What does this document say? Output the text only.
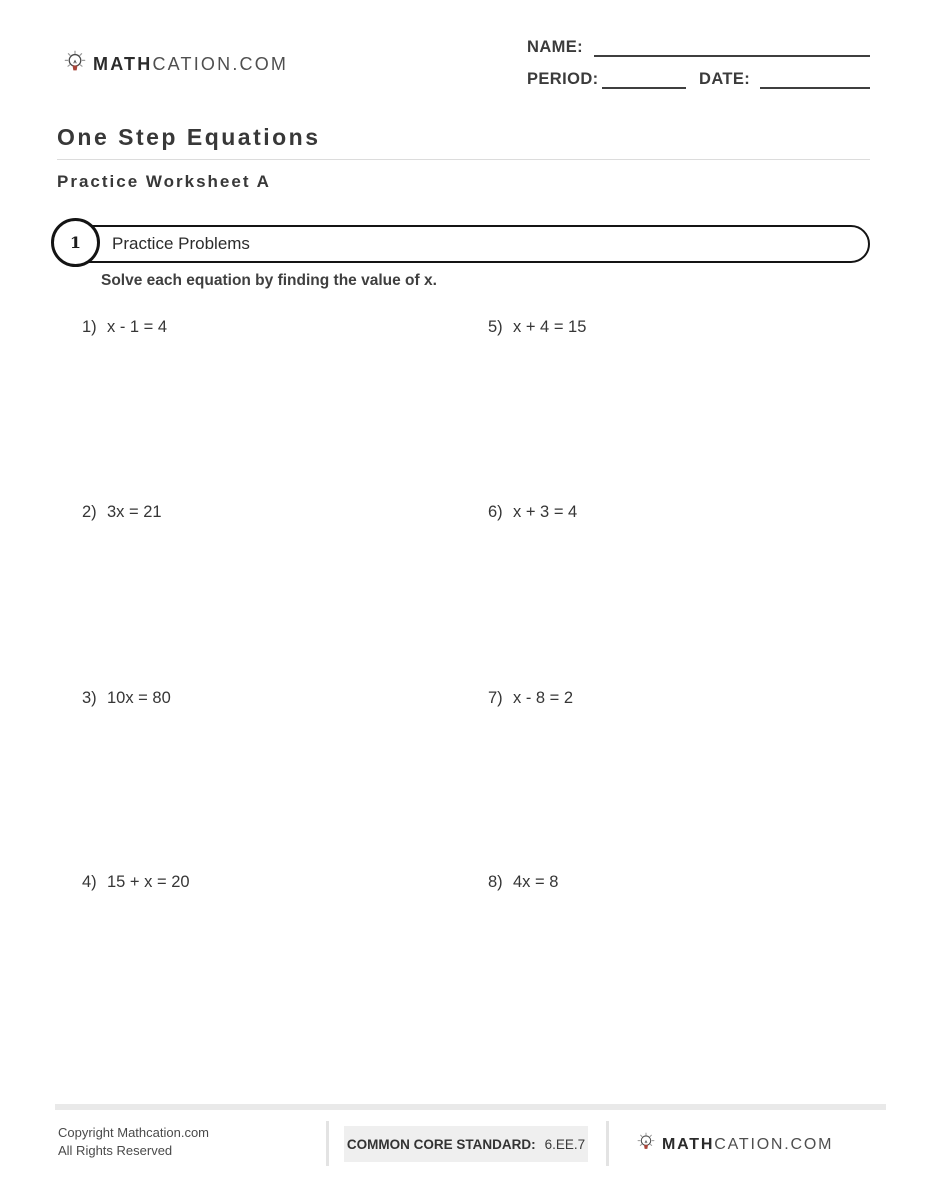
MATHCATION.COM
NAME:
PERIOD:	DATE:
One Step Equations
Practice Worksheet A
Practice Problems
1
Solve each equation by finding the value of x.
1) x - 1 = 4
2) 3x = 21
3) 10x = 80
4) 15 + x = 20
5) x + 4 = 15
6) x + 3 = 4
7) x - 8 = 2
8) 4x = 8
Copyright Mathcation.com
All Rights Reserved	COMMON CORE STANDARD: 6.EE.7	MATHCATION.COM
